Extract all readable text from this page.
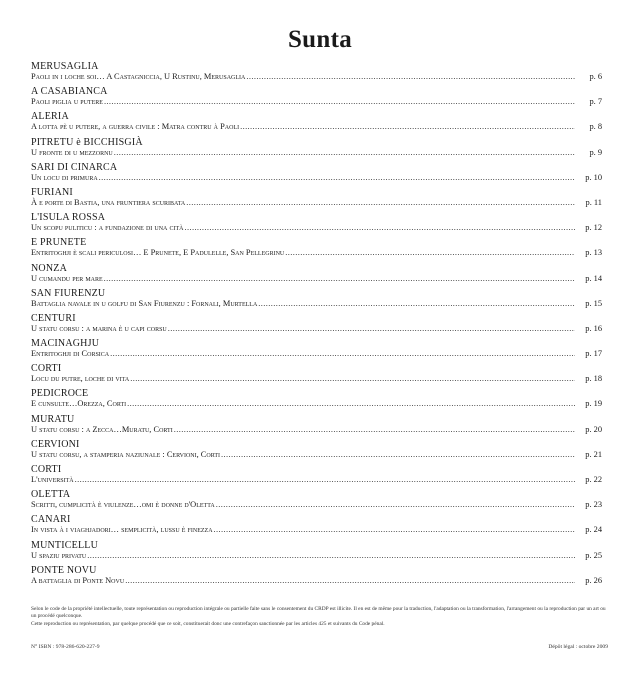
Sunta
MERUSAGLIA
Paoli in i loche soi… A Castagniccia, U Rustinu, Merusaglia .....	p. 6
A CASABIANCA
Paoli piglia u putere .....	p. 7
ALERIA
A lotta pè u putere, a guerra civile : Matra contru à Paoli .....	p. 8
PITRETU è BICCHISGIÀ
U fronte di u mezzornu .....	p. 9
SARI DI CINARCA
Un locu di primura .....	p. 10
FURIANI
À e porte di Bastia, una fruntiera scuribata .....	p. 11
L'ISULA ROSSA
Un scopu puliticu : a fundazione di una cità .....	p. 12
E PRUNETE
Entritoghji è scali periculosi… E Prunete, E Padulelle, San Pellegrinu .....	p. 13
NONZA
U cumandu per mare .....	p. 14
SAN FIURENZU
Battaglia navale in u golfu di San Fiurenzu : Fornali, Murtella .....	p. 15
CENTURI
U statu corsu : a marina è u capi corsu .....	p. 16
MACINAGHJU
Entritoghji di Corsica .....	p. 17
CORTI
Locu du putre, loche di vita .....	p. 18
PEDICROCE
E cunsulte…Orezza, Corti .....	p. 19
MURATU
U statu corsu : a Zecca…Muratu, Corti .....	p. 20
CERVIONI
U statu corsu, a stamperia naziunale : Cervioni, Corti .....	p. 21
CORTI
L'università .....	p. 22
OLETTA
Scritti, cumplicità è viulenze…omi è donne d'Oletta .....	p. 23
CANARI
In vista à i viaghjadori… semplicità, lussu è finezza .....	p. 24
MUNTICELLU
U spaziu privatu .....	p. 25
PONTE NOVU
A battaglia di Ponte Novu .....	p. 26

Selon le code de la propriété intellectuelle, toute représentation ou reproduction intégrale ou partielle faite sans le consentement du CRDP est illicite. Il en est de même pour la traduction, l'adaptation ou la transformation, l'arrangement ou la reproduction par un art ou un procédé quelconque.

Cette reproduction ou représentation, par quelque procédé que ce soit, constituerait donc une contrefaçon sanctionnée par les articles 425 et suivants du Code pénal.

N° ISBN : 978-286-620-227-9	Dépôt légal : octobre 2009
